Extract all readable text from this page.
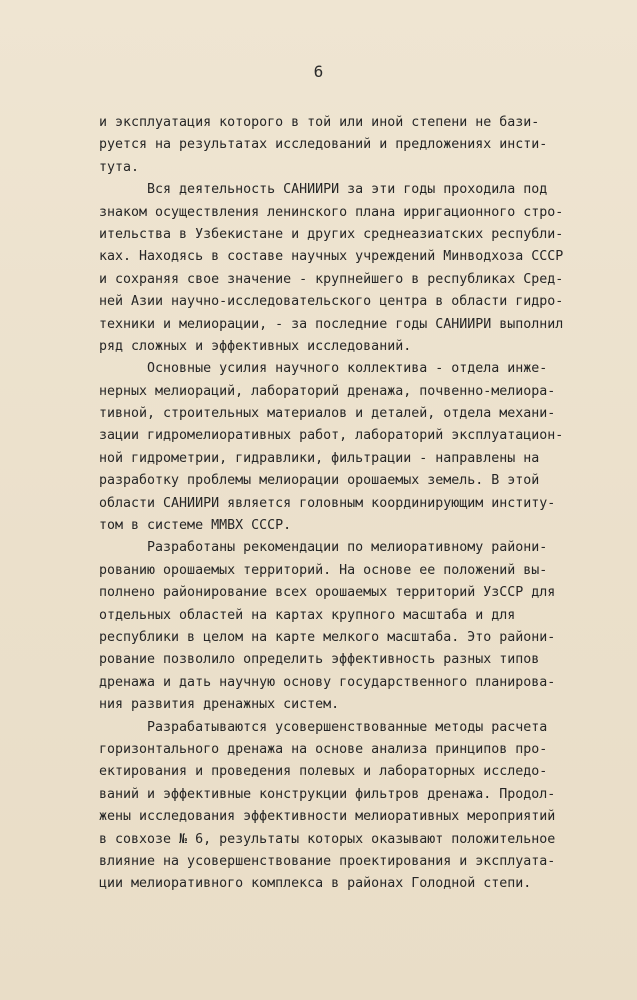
6
и эксплуатация которого в той или иной степени не бази-
руется на результатах исследований и предложениях инсти-
тута.
Вся деятельность САНИИРИ за эти годы проходила под
знаком осуществления ленинского плана ирригационного стро-
ительства в Узбекистане и других среднеазиатских республи-
ках. Находясь в составе научных учреждений Минводхоза СССР
и сохраняя свое значение - крупнейшего в республиках Сред-
ней Азии научно-исследовательского центра в области гидро-
техники и мелиорации, - за последние годы САНИИРИ выполнил
ряд сложных и эффективных исследований.
Основные усилия научного коллектива - отдела инже-
нерных мелиораций, лабораторий дренажа, почвенно-мелиора-
тивной, строительных материалов и деталей, отдела механи-
зации гидромелиоративных работ, лабораторий эксплуатацион-
ной гидрометрии, гидравлики, фильтрации - направлены на
разработку проблемы мелиорации орошаемых земель. В этой
области САНИИРИ является головным координирующим институ-
том в системе ММВХ СССР.
Разработаны рекомендации по мелиоративному райони-
рованию орошаемых территорий. На основе ее положений вы-
полнено районирование всех орошаемых территорий УзССР для
отдельных областей на картах крупного масштаба и для
республики в целом на карте мелкого масштаба. Это райони-
рование позволило определить эффективность разных типов
дренажа и дать научную основу государственного планирова-
ния развития дренажных систем.
Разрабатываются усовершенствованные методы расчета
горизонтального дренажа на основе анализа принципов про-
ектирования и проведения полевых и лабораторных исследо-
ваний и эффективные конструкции фильтров дренажа. Продол-
жены исследования эффективности мелиоративных мероприятий
в совхозе № 6, результаты которых оказывают положительное
влияние на усовершенствование проектирования и эксплуата-
ции мелиоративного комплекса в районах Голодной степи.
